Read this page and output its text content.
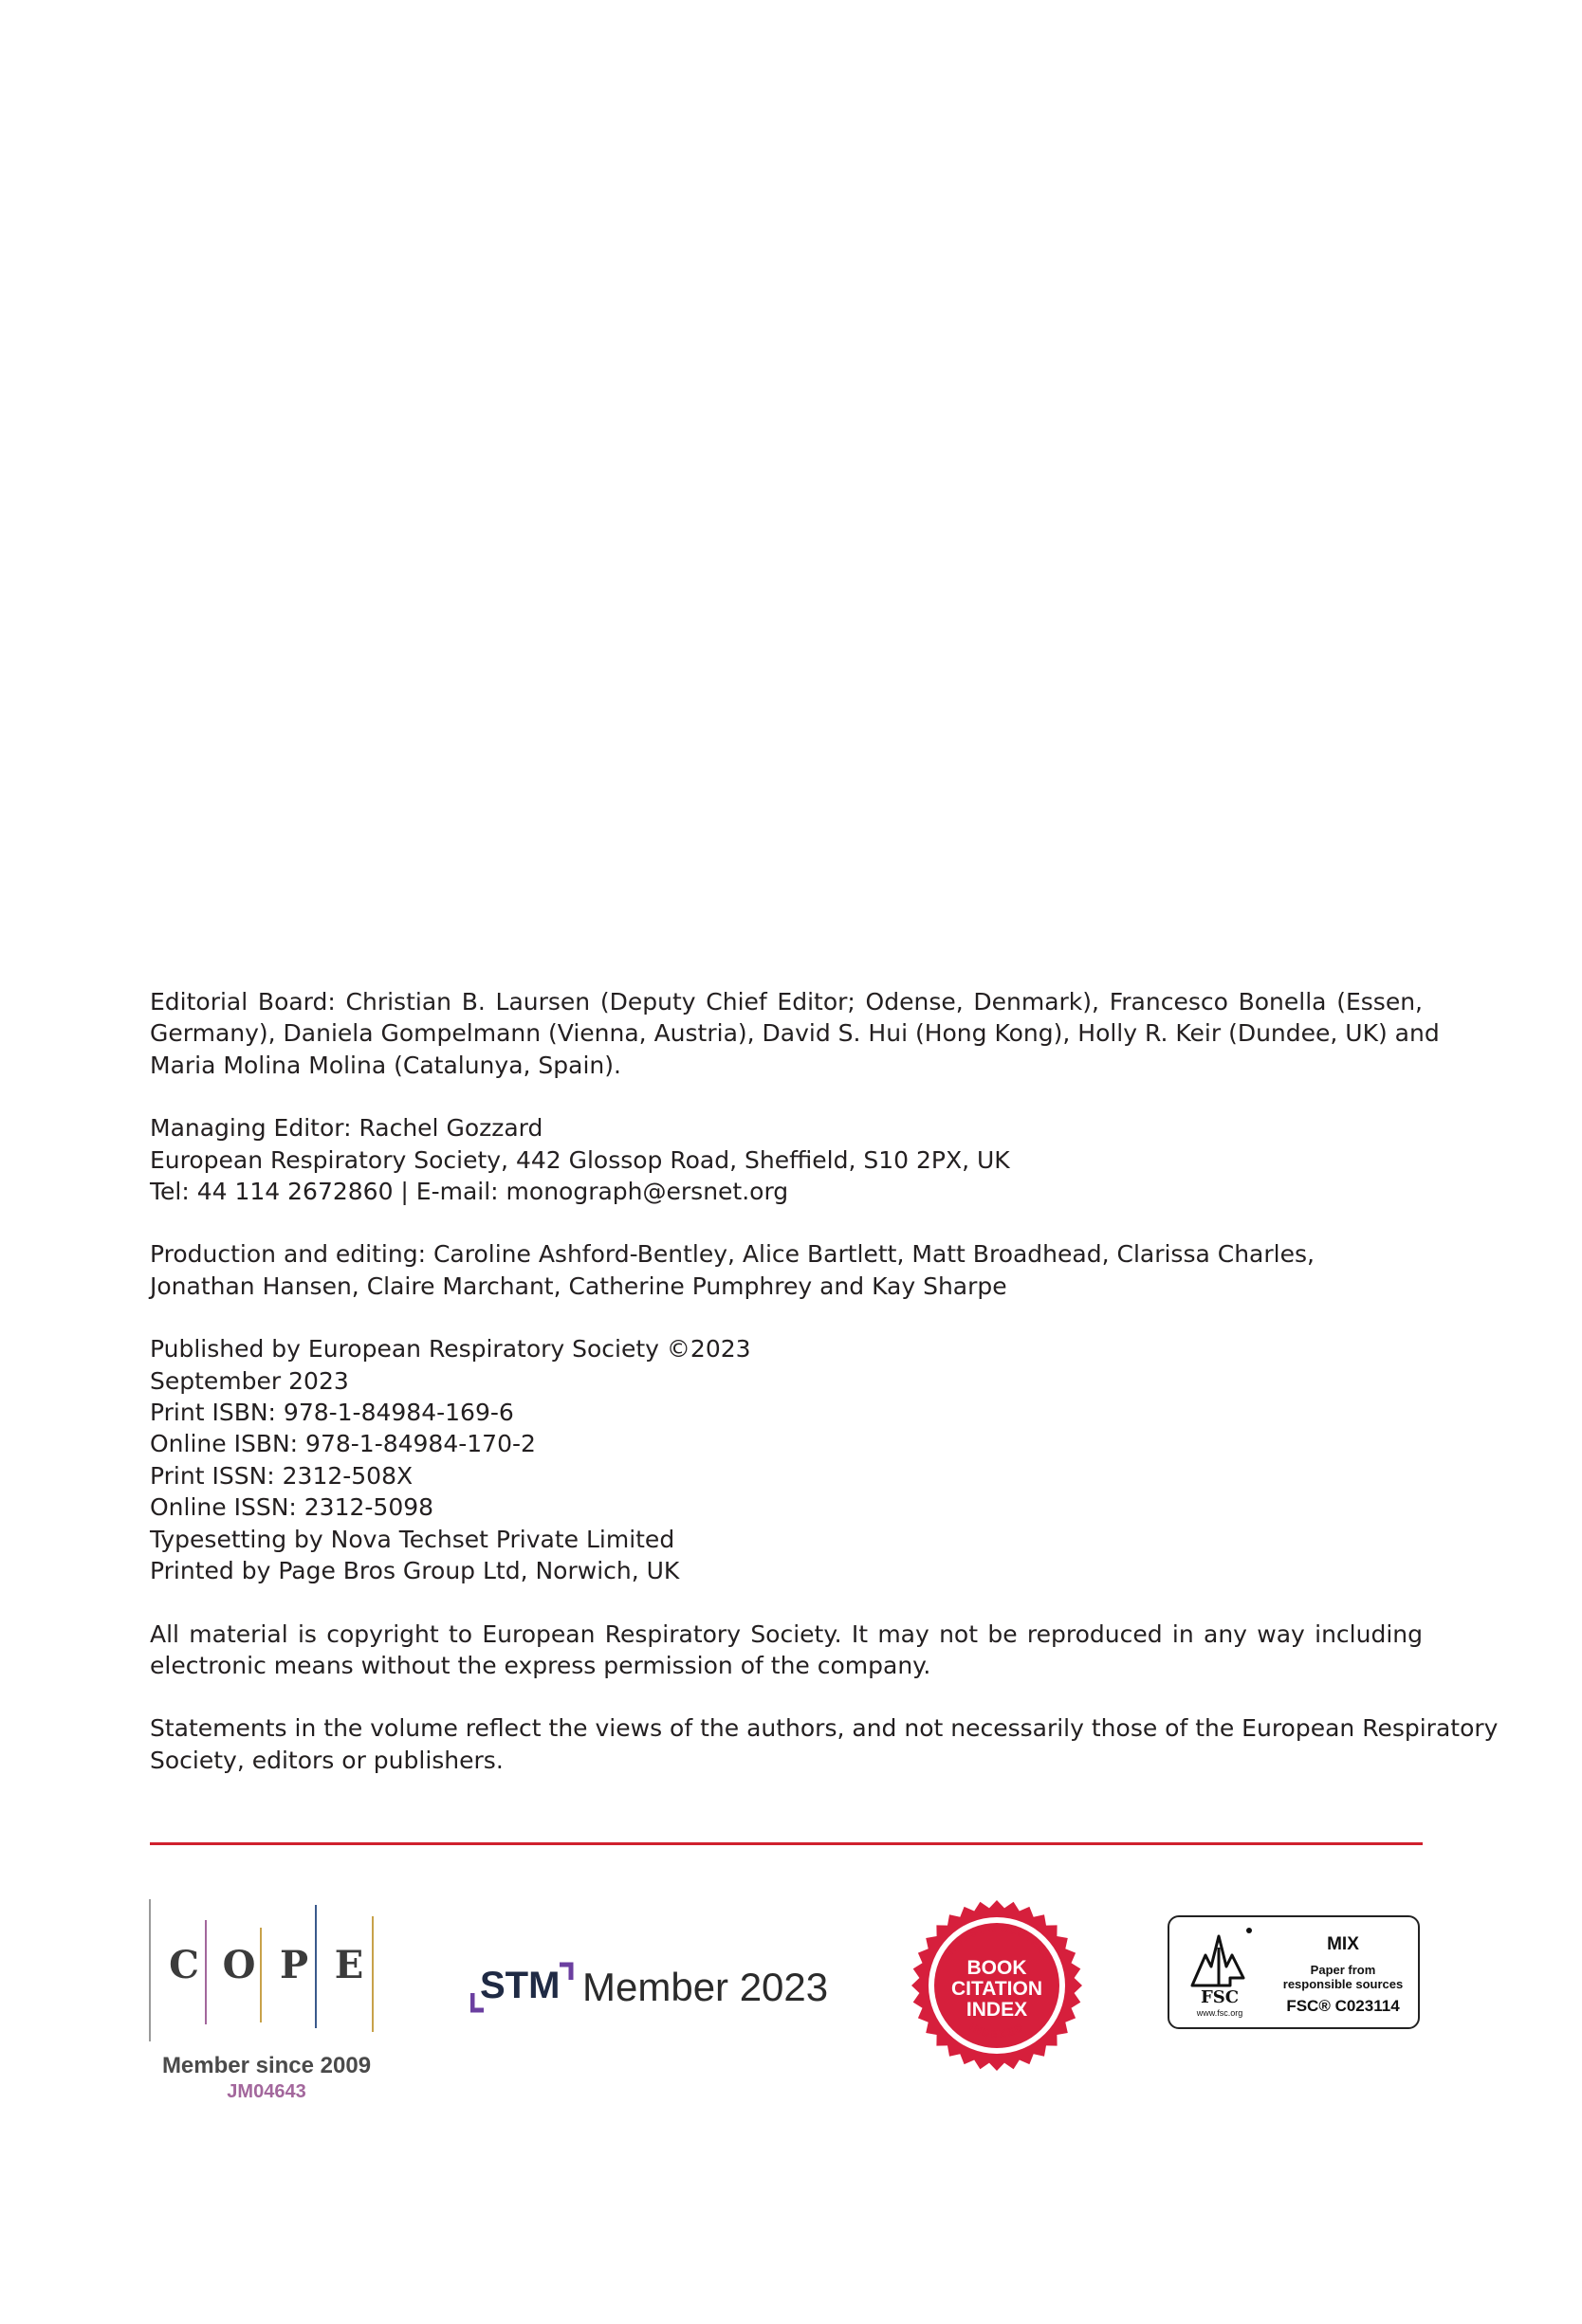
Editorial Board: Christian B. Laursen (Deputy Chief Editor; Odense, Denmark), Francesco Bonella (Essen,
Germany), Daniela Gompelmann (Vienna, Austria), David S. Hui (Hong Kong), Holly R. Keir (Dundee, UK) and
Maria Molina Molina (Catalunya, Spain).
Managing Editor: Rachel Gozzard
European Respiratory Society, 442 Glossop Road, Sheffield, S10 2PX, UK
Tel: 44 114 2672860 | E-mail: monograph@ersnet.org
Production and editing: Caroline Ashford-Bentley, Alice Bartlett, Matt Broadhead, Clarissa Charles,
Jonathan Hansen, Claire Marchant, Catherine Pumphrey and Kay Sharpe
Published by European Respiratory Society ©2023
September 2023
Print ISBN: 978-1-84984-169-6
Online ISBN: 978-1-84984-170-2
Print ISSN: 2312-508X
Online ISSN: 2312-5098
Typesetting by Nova Techset Private Limited
Printed by Page Bros Group Ltd, Norwich, UK
All material is copyright to European Respiratory Society. It may not be reproduced in any way including
electronic means without the express permission of the company.
Statements in the volume reflect the views of the authors, and not necessarily those of the European Respiratory
Society, editors or publishers.
C O P E
Member since 2009
JM04643
STM Member 2023
THOMSON REUTERS
INDEXED
BOOK
CITATION
INDEX
FSC
www.fsc.org
MIX
Paper from
responsible sources
FSC® C023114
